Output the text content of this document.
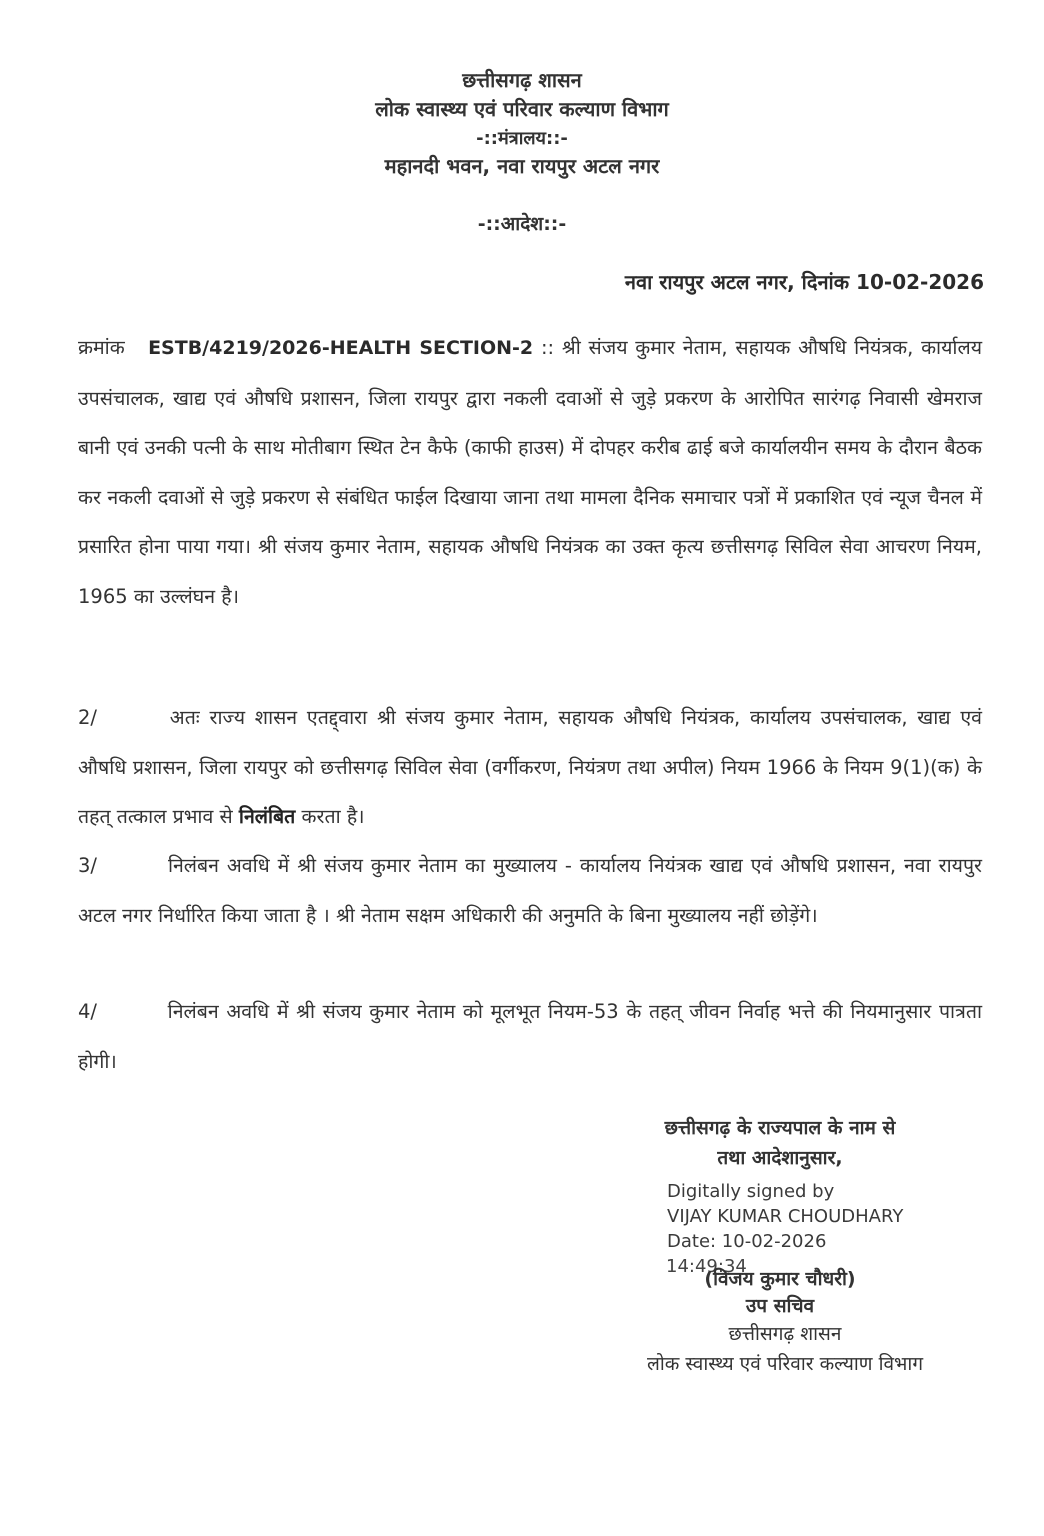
छत्तीसगढ़ शासन
लोक स्वास्थ्य एवं परिवार कल्याण विभाग
-::मंत्रालय::-
महानदी भवन, नवा रायपुर अटल नगर
-::आदेश::-
नवा रायपुर अटल नगर, दिनांक 10-02-2026
क्रमांक ESTB/4219/2026-HEALTH SECTION-2 :: श्री संजय कुमार नेताम, सहायक औषधि नियंत्रक, कार्यालय उपसंचालक, खाद्य एवं औषधि प्रशासन, जिला रायपुर द्वारा नकली दवाओं से जुड़े प्रकरण के आरोपित सारंगढ़ निवासी खेमराज बानी एवं उनकी पत्नी के साथ मोतीबाग स्थित टेन कैफे (काफी हाउस) में दोपहर करीब ढाई बजे कार्यालयीन समय के दौरान बैठक कर नकली दवाओं से जुड़े प्रकरण से संबंधित फाईल दिखाया जाना तथा मामला दैनिक समाचार पत्रों में प्रकाशित एवं न्यूज चैनल में प्रसारित होना पाया गया। श्री संजय कुमार नेताम, सहायक औषधि नियंत्रक का उक्त कृत्य छत्तीसगढ़ सिविल सेवा आचरण नियम, 1965 का उल्लंघन है।
2/	अतः राज्य शासन एतद्द्वारा श्री संजय कुमार नेताम, सहायक औषधि नियंत्रक, कार्यालय उपसंचालक, खाद्य एवं औषधि प्रशासन, जिला रायपुर को छत्तीसगढ़ सिविल सेवा (वर्गीकरण, नियंत्रण तथा अपील) नियम 1966 के नियम 9(1)(क) के तहत् तत्काल प्रभाव से निलंबित करता है।
3/	निलंबन अवधि में श्री संजय कुमार नेताम का मुख्यालय - कार्यालय नियंत्रक खाद्य एवं औषधि प्रशासन, नवा रायपुर अटल नगर निर्धारित किया जाता है । श्री नेताम सक्षम अधिकारी की अनुमति के बिना मुख्यालय नहीं छोड़ेंगे।
4/	निलंबन अवधि में श्री संजय कुमार नेताम को मूलभूत नियम-53 के तहत् जीवन निर्वाह भत्ते की नियमानुसार पात्रता होगी।
छत्तीसगढ़ के राज्यपाल के नाम से
तथा आदेशानुसार,
Digitally signed by
VIJAY KUMAR CHOUDHARY
Date: 10-02-2026
14:49:34
(विजय कुमार चौधरी)
उप सचिव
छत्तीसगढ़ शासन
लोक स्वास्थ्य एवं परिवार कल्याण विभाग
